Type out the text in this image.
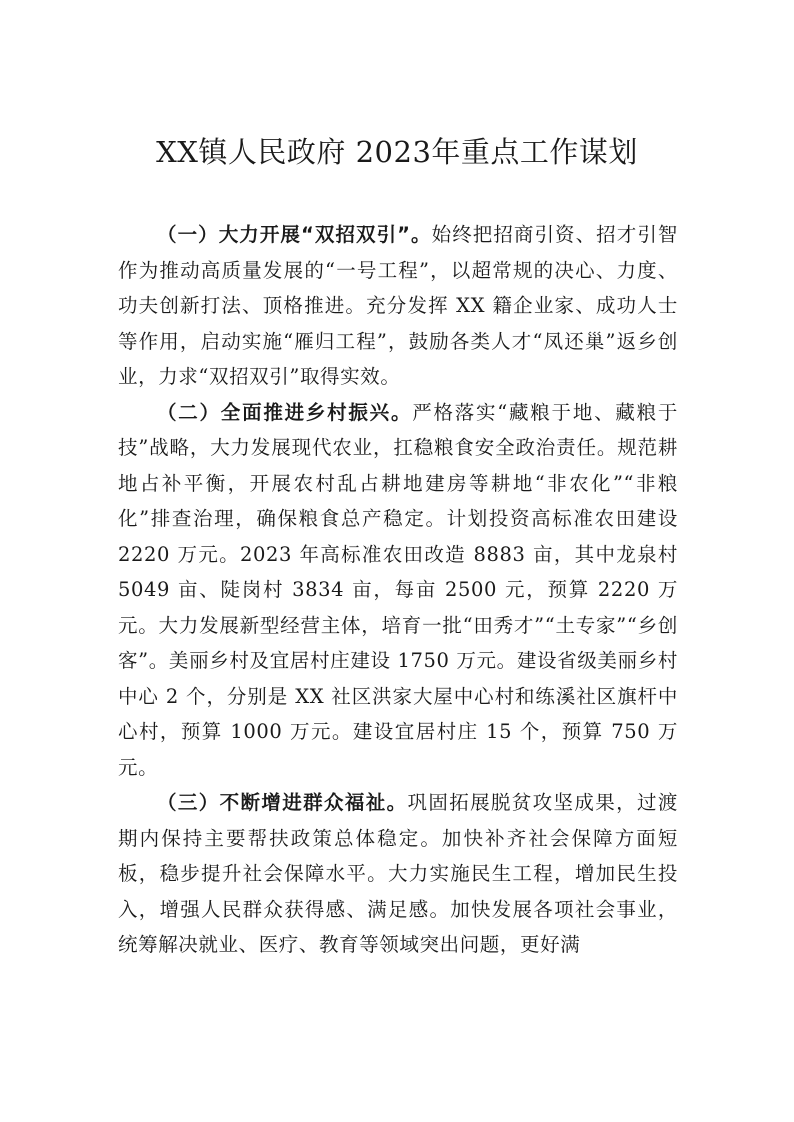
XX镇人民政府 2023年重点工作谋划

（一）大力开展“双招双引”。始终把招商引资、招才引智作为推动高质量发展的“一号工程”，以超常规的决心、力度、功夫创新打法、顶格推进。充分发挥 XX 籍企业家、成功人士等作用，启动实施“雁归工程”，鼓励各类人才“凤还巢”返乡创业，力求“双招双引”取得实效。

（二）全面推进乡村振兴。严格落实“藏粮于地、藏粮于技”战略，大力发展现代农业，扛稳粮食安全政治责任。规范耕地占补平衡，开展农村乱占耕地建房等耕地“非农化”“非粮化”排查治理，确保粮食总产稳定。计划投资高标准农田建设 2220 万元。2023 年高标准农田改造 8883 亩，其中龙泉村 5049 亩、陡岗村 3834 亩，每亩 2500 元，预算 2220 万元。大力发展新型经营主体，培育一批“田秀才”“土专家”“乡创客”。美丽乡村及宜居村庄建设 1750 万元。建设省级美丽乡村中心 2 个，分别是 XX 社区洪家大屋中心村和练溪社区旗杆中心村，预算 1000 万元。建设宜居村庄 15 个，预算 750 万元。

（三）不断增进群众福祉。巩固拓展脱贫攻坚成果，过渡期内保持主要帮扶政策总体稳定。加快补齐社会保障方面短板，稳步提升社会保障水平。大力实施民生工程，增加民生投入，增强人民群众获得感、满足感。加快发展各项社会事业，统筹解决就业、医疗、教育等领域突出问题，更好满
